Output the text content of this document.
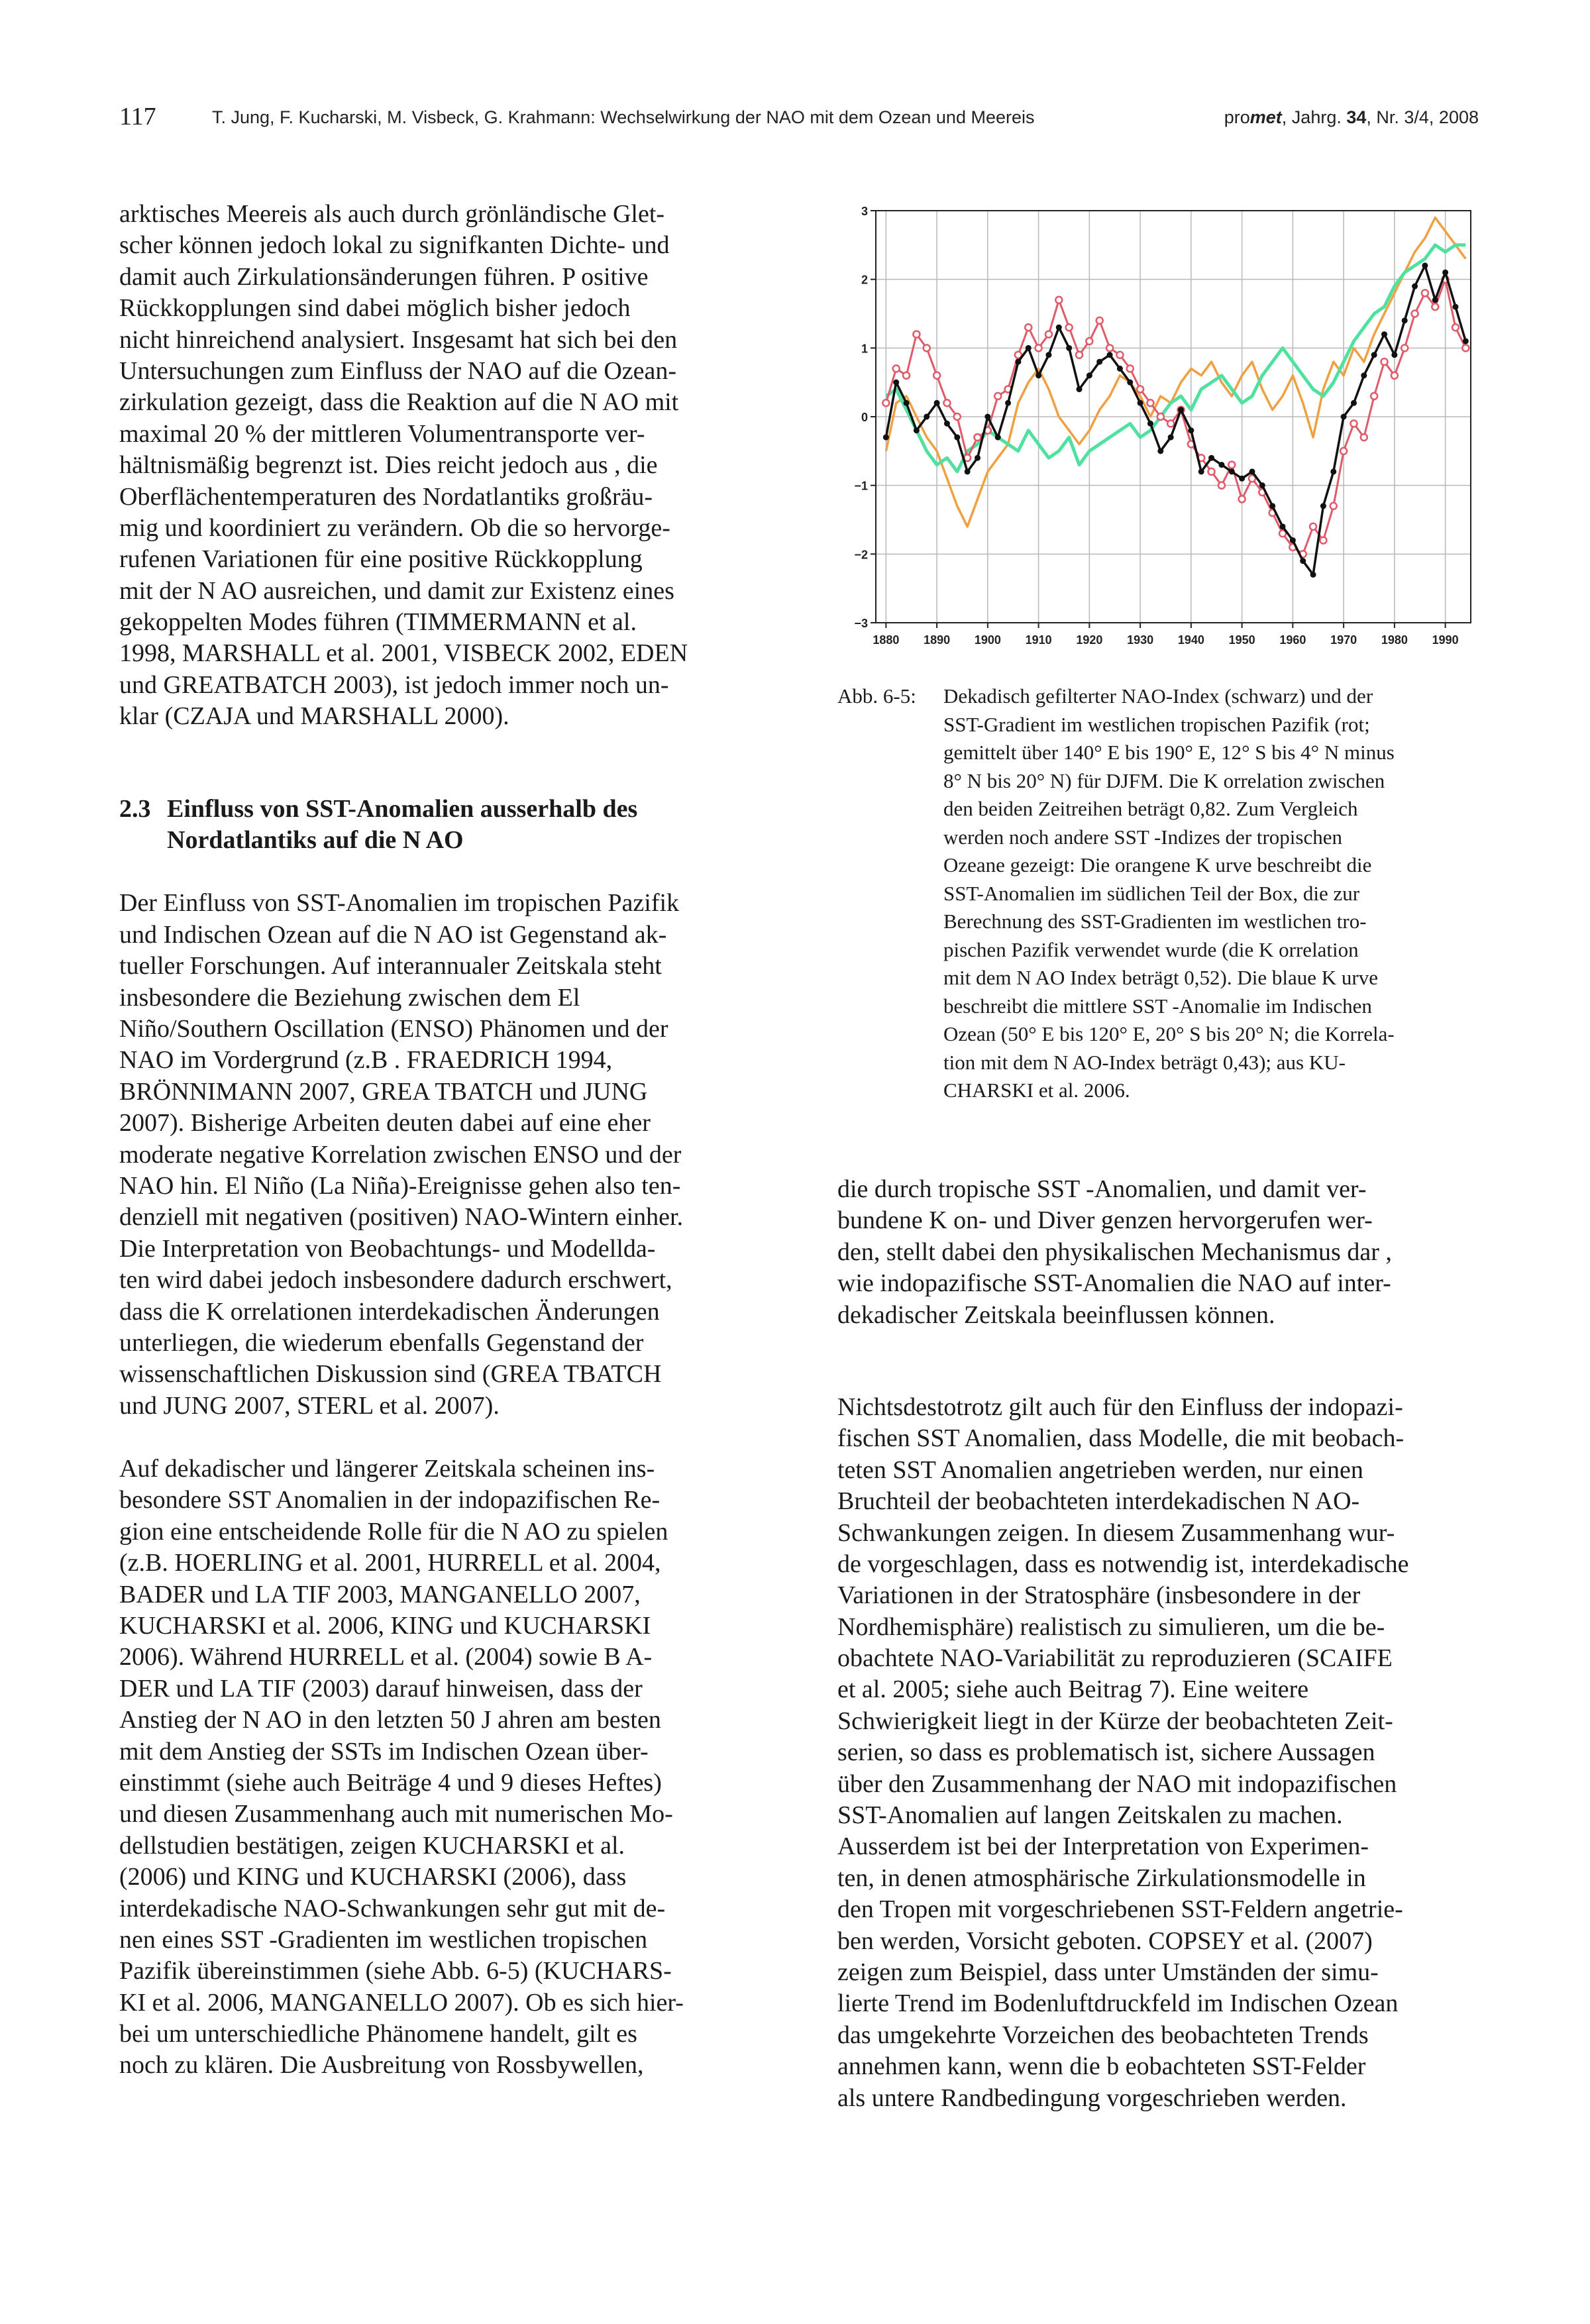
117	T. Jung, F. Kucharski, M. Visbeck, G. Krahmann: Wechselwirkung der NAO mit dem Ozean und Meereis	promet, Jahrg. 34, Nr. 3/4, 2008
arktisches Meereis als auch durch grönländische Glet-
scher können jedoch lokal zu signifkanten Dichte- und
damit auch Zirkulationsänderungen führen. P ositive
Rückkopplungen sind dabei möglich bisher jedoch
nicht hinreichend analysiert. Insgesamt hat sich bei den
Untersuchungen zum Einfluss der NAO auf die Ozean-
zirkulation gezeigt, dass die Reaktion auf die N AO mit
maximal 20 % der mittleren Volumentransporte ver-
hältnismäßig begrenzt ist. Dies reicht jedoch aus , die
Oberflächentemperaturen des Nordatlantiks großräu-
mig und koordiniert zu verändern. Ob die so hervorge-
rufenen Variationen für eine positive Rückkopplung
mit der N AO ausreichen, und damit zur Existenz eines
gekoppelten Modes führen (TIMMERMANN et al.
1998, MARSHALL et al. 2001, VISBECK 2002, EDEN
und GREATBATCH 2003), ist jedoch immer noch un-
klar (CZAJA und MARSHALL 2000).
2.3 Einfluss von SST-Anomalien ausserhalb des
Nordatlantiks auf die N AO
Der Einfluss von SST-Anomalien im tropischen Pazifik
und Indischen Ozean auf die N AO ist Gegenstand ak-
tueller Forschungen. Auf interannualer Zeitskala steht
insbesondere die Beziehung zwischen dem El
Niño/Southern Oscillation (ENSO) Phänomen und der
NAO im Vordergrund (z.B . FRAEDRICH 1994,
BRÖNNIMANN 2007, GREA TBATCH und JUNG
2007). Bisherige Arbeiten deuten dabei auf eine eher
moderate negative Korrelation zwischen ENSO und der
NAO hin. El Niño (La Niña)-Ereignisse gehen also ten-
denziell mit negativen (positiven) NAO-Wintern einher.
Die Interpretation von Beobachtungs- und Modellda-
ten wird dabei jedoch insbesondere dadurch erschwert,
dass die K orrelationen interdekadischen Änderungen
unterliegen, die wiederum ebenfalls Gegenstand der
wissenschaftlichen Diskussion sind (GREA TBATCH
und JUNG 2007, STERL et al. 2007).
Auf dekadischer und längerer Zeitskala scheinen ins-
besondere SST Anomalien in der indopazifischen Re-
gion eine entscheidende Rolle für die N AO zu spielen
(z.B. HOERLING et al. 2001, HURRELL et al. 2004,
BADER und LA TIF 2003, MANGANELLO 2007,
KUCHARSKI et al. 2006, KING und KUCHARSKI
2006). Während HURRELL et al. (2004) sowie B A-
DER und LA TIF (2003) darauf hinweisen, dass der
Anstieg der N AO in den letzten 50 J ahren am besten
mit dem Anstieg der SSTs im Indischen Ozean über-
einstimmt (siehe auch Beiträge 4 und 9 dieses Heftes)
und diesen Zusammenhang auch mit numerischen Mo-
dellstudien bestätigen, zeigen KUCHARSKI et al.
(2006) und KING und KUCHARSKI (2006), dass
interdekadische NAO-Schwankungen sehr gut mit de-
nen eines SST -Gradienten im westlichen tropischen
Pazifik übereinstimmen (siehe Abb. 6-5) (KUCHARS-
KI et al. 2006, MANGANELLO 2007). Ob es sich hier-
bei um unterschiedliche Phänomene handelt, gilt es
noch zu klären. Die Ausbreitung von Rossbywellen,
3
2
1
0
−1
−2
−3
1880 1890 1900 1910 1920 1930 1940 1950 1960 1970 1980 1990
Abb. 6-5: Dekadisch gefilterter NAO-Index (schwarz) und der
SST-Gradient im westlichen tropischen Pazifik (rot;
gemittelt über 140° E bis 190° E, 12° S bis 4° N minus
8° N bis 20° N) für DJFM. Die K orrelation zwischen
den beiden Zeitreihen beträgt 0,82. Zum Vergleich
werden noch andere SST -Indizes der tropischen
Ozeane gezeigt: Die orangene K urve beschreibt die
SST-Anomalien im südlichen Teil der Box, die zur
Berechnung des SST-Gradienten im westlichen tro-
pischen Pazifik verwendet wurde (die K orrelation
mit dem N AO Index beträgt 0,52). Die blaue K urve
beschreibt die mittlere SST -Anomalie im Indischen
Ozean (50° E bis 120° E, 20° S bis 20° N; die Korrela-
tion mit dem N AO-Index beträgt 0,43); aus KU-
CHARSKI et al. 2006.
die durch tropische SST -Anomalien, und damit ver-
bundene K on- und Diver genzen hervorgerufen wer-
den, stellt dabei den physikalischen Mechanismus dar ,
wie indopazifische SST-Anomalien die NAO auf inter-
dekadischer Zeitskala beeinflussen können.
Nichtsdestotrotz gilt auch für den Einfluss der indopazi-
fischen SST Anomalien, dass Modelle, die mit beobach-
teten SST Anomalien angetrieben werden, nur einen
Bruchteil der beobachteten interdekadischen N AO-
Schwankungen zeigen. In diesem Zusammenhang wur-
de vorgeschlagen, dass es notwendig ist, interdekadische
Variationen in der Stratosphäre (insbesondere in der
Nordhemisphäre) realistisch zu simulieren, um die be-
obachtete NAO-Variabilität zu reproduzieren (SCAIFE
et al. 2005; siehe auch Beitrag 7). Eine weitere
Schwierigkeit liegt in der Kürze der beobachteten Zeit-
serien, so dass es problematisch ist, sichere Aussagen
über den Zusammenhang der NAO mit indopazifischen
SST-Anomalien auf langen Zeitskalen zu machen.
Ausserdem ist bei der Interpretation von Experimen-
ten, in denen atmosphärische Zirkulationsmodelle in
den Tropen mit vorgeschriebenen SST-Feldern angetrie-
ben werden, Vorsicht geboten. COPSEY et al. (2007)
zeigen zum Beispiel, dass unter Umständen der simu-
lierte Trend im Bodenluftdruckfeld im Indischen Ozean
das umgekehrte Vorzeichen des beobachteten Trends
annehmen kann, wenn die b eobachteten SST-Felder
als untere Randbedingung vorgeschrieben werden.
